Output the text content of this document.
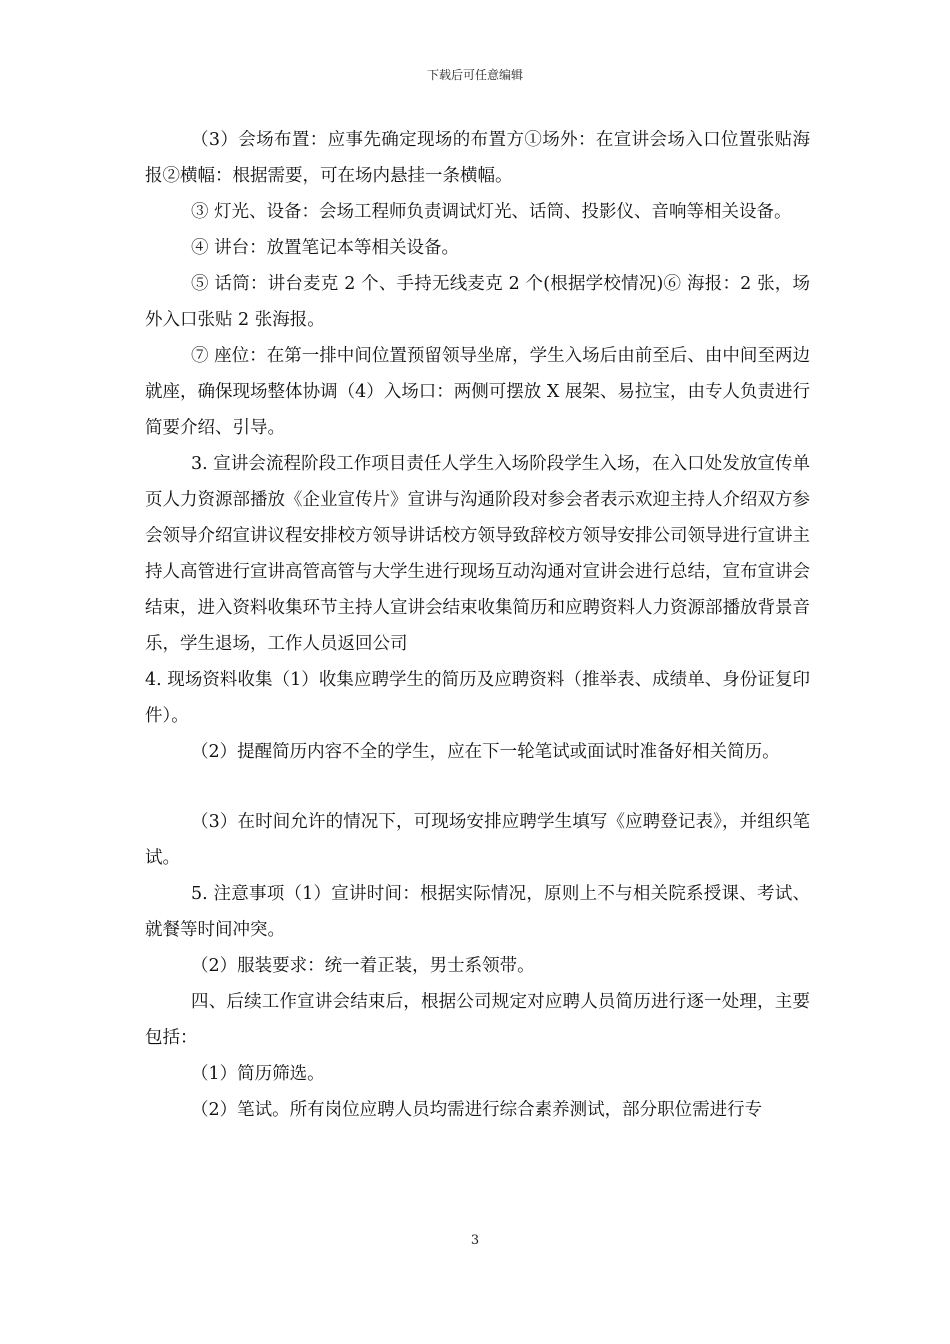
下载后可任意编辑

（3）会场布置：应事先确定现场的布置方①场外：在宣讲会场入口位置张贴海报②横幅：根据需要，可在场内悬挂一条横幅。

③ 灯光、设备：会场工程师负责调试灯光、话筒、投影仪、音响等相关设备。

④ 讲台：放置笔记本等相关设备。

⑤ 话筒：讲台麦克 2 个、手持无线麦克 2 个(根据学校情况)⑥ 海报：2 张，场外入口张贴 2 张海报。

⑦ 座位：在第一排中间位置预留领导坐席，学生入场后由前至后、由中间至两边就座，确保现场整体协调（4）入场口：两侧可摆放 X 展架、易拉宝，由专人负责进行简要介绍、引导。

3. 宣讲会流程阶段工作项目责任人学生入场阶段学生入场，在入口处发放宣传单页人力资源部播放《企业宣传片》宣讲与沟通阶段对参会者表示欢迎主持人介绍双方参会领导介绍宣讲议程安排校方领导讲话校方领导致辞校方领导安排公司领导进行宣讲主持人高管进行宣讲高管高管与大学生进行现场互动沟通对宣讲会进行总结，宣布宣讲会结束，进入资料收集环节主持人宣讲会结束收集简历和应聘资料人力资源部播放背景音乐，学生退场，工作人员返回公司

4. 现场资料收集（1）收集应聘学生的简历及应聘资料（推举表、成绩单、身份证复印件）。

（2）提醒简历内容不全的学生，应在下一轮笔试或面试时准备好相关简历。

（3）在时间允许的情况下，可现场安排应聘学生填写《应聘登记表》，并组织笔试。

5. 注意事项（1）宣讲时间：根据实际情况，原则上不与相关院系授课、考试、就餐等时间冲突。

（2）服装要求：统一着正装，男士系领带。

四、后续工作宣讲会结束后，根据公司规定对应聘人员简历进行逐一处理，主要包括：

（1）简历筛选。

（2）笔试。所有岗位应聘人员均需进行综合素养测试，部分职位需进行专

3
